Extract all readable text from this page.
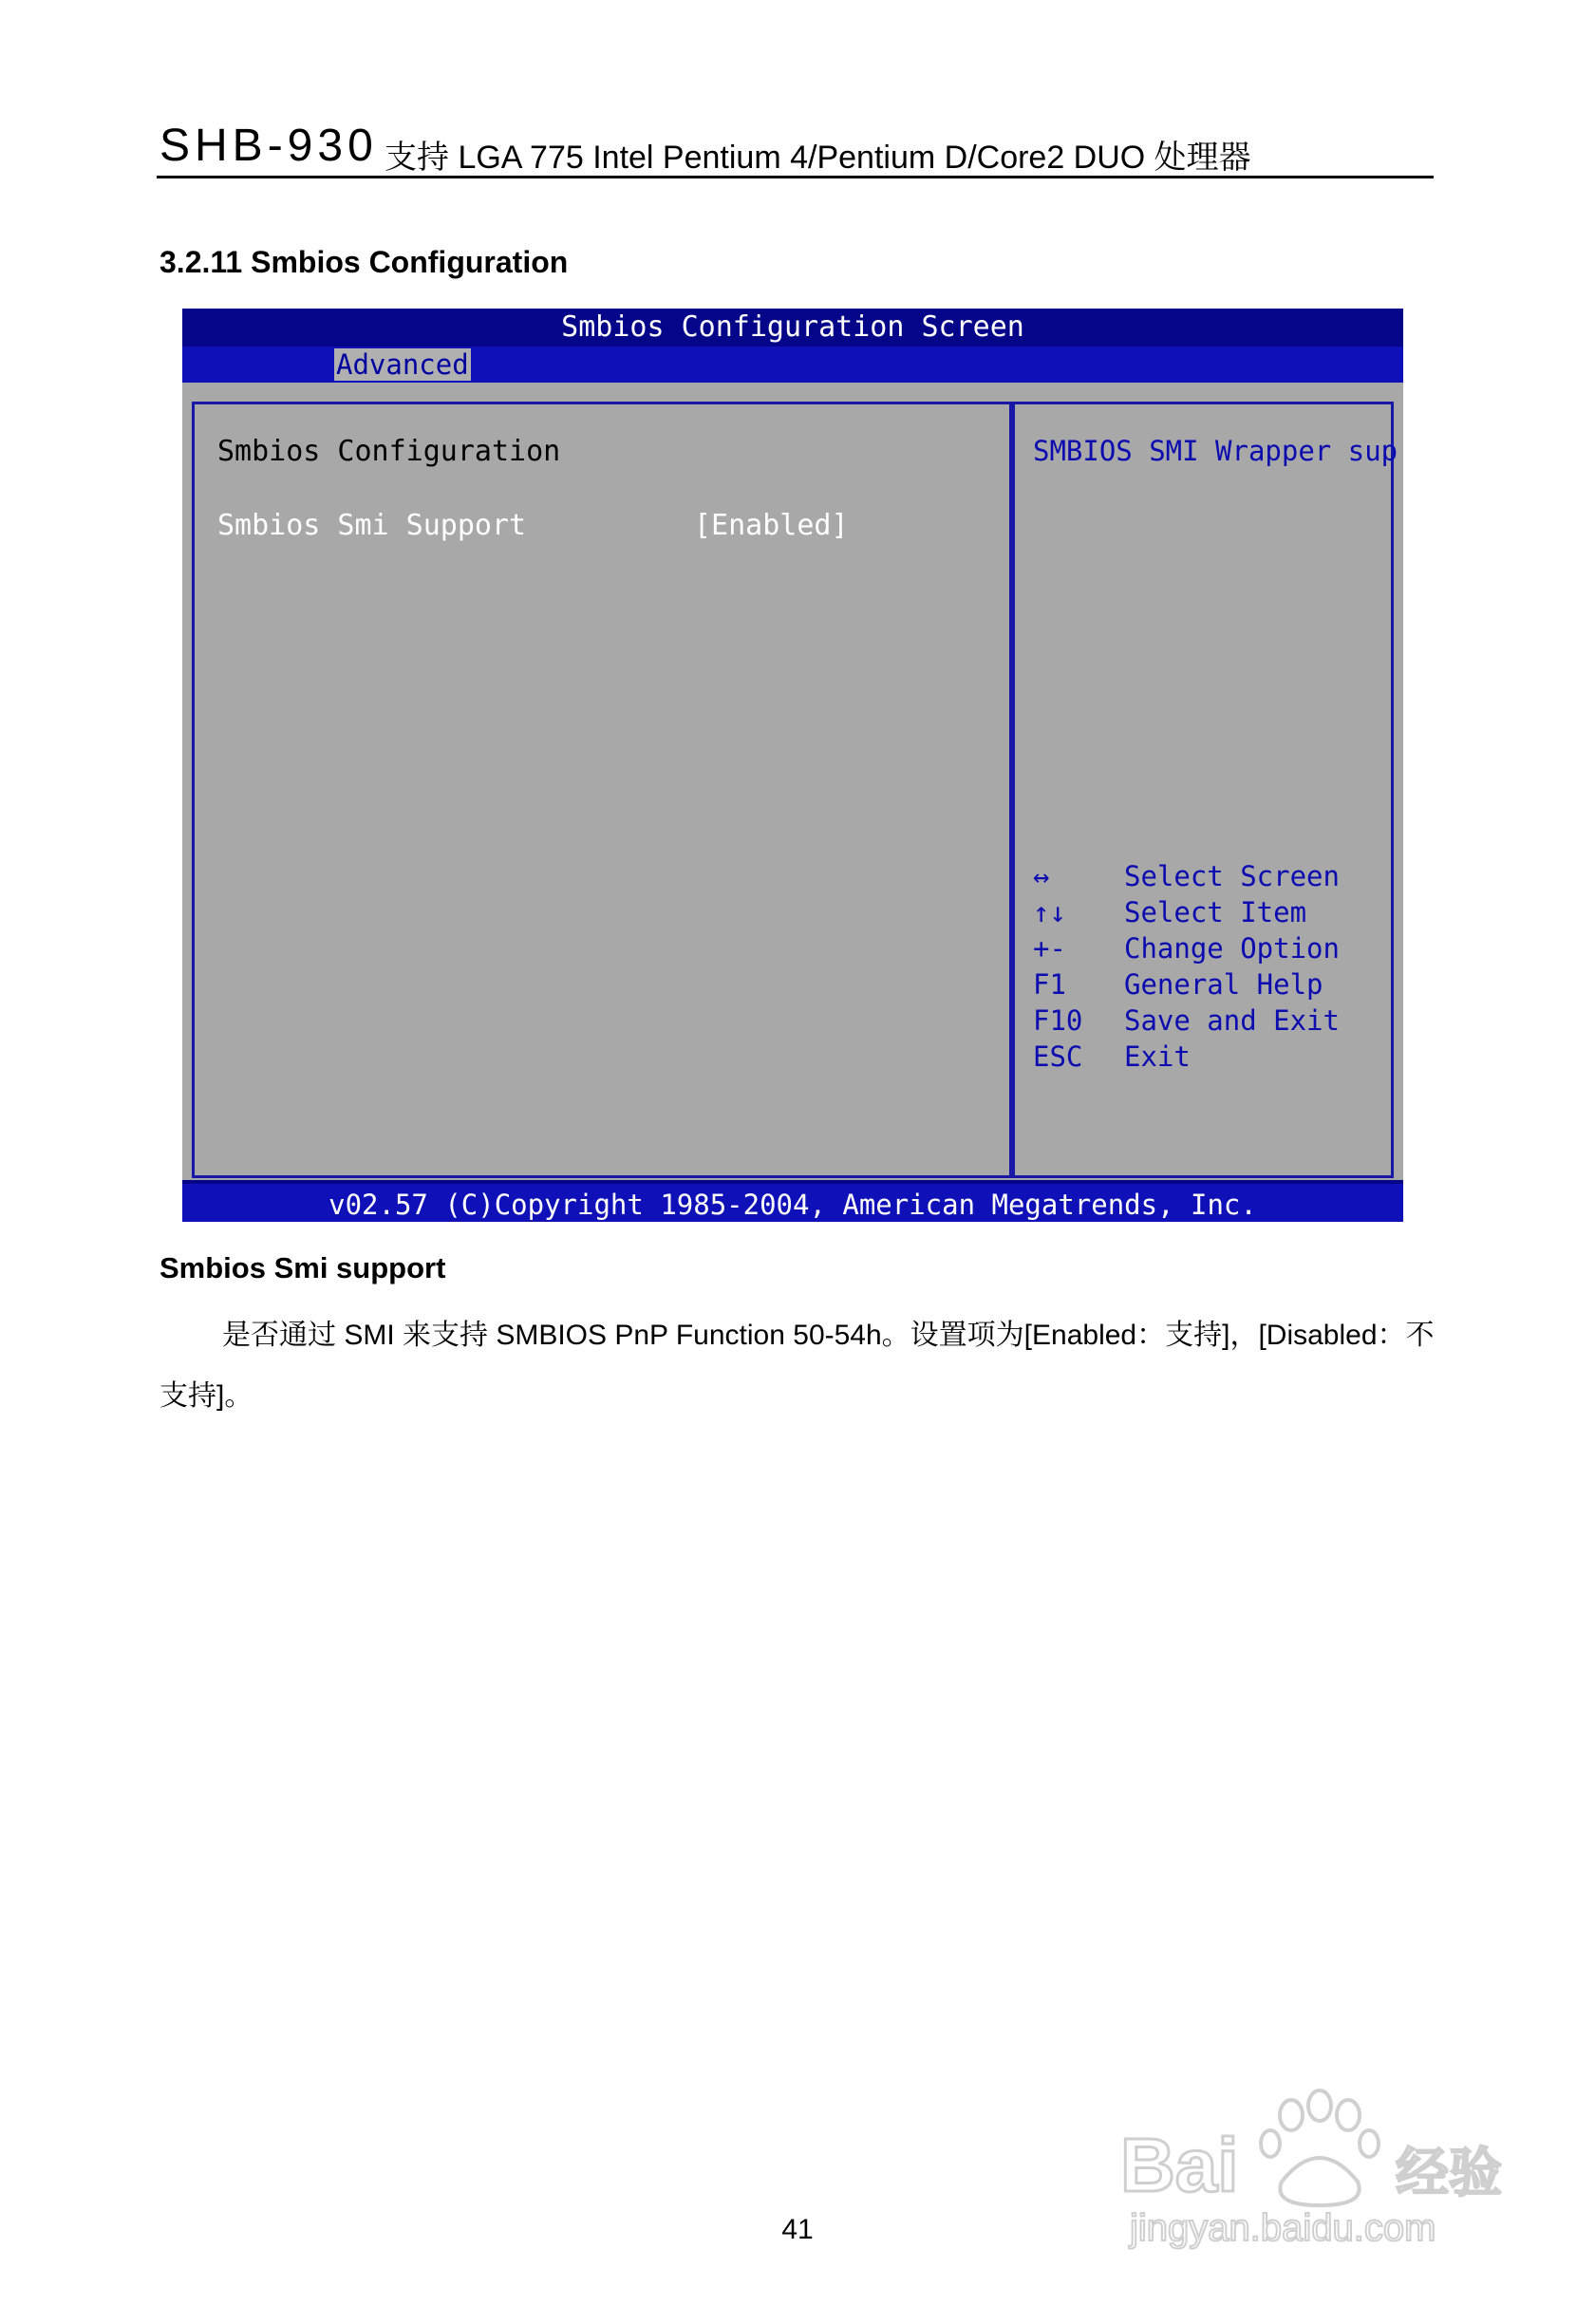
SHB-930 支持 LGA 775 Intel Pentium 4/Pentium D/Core2 DUO 处理器
3.2.11 Smbios Configuration
Smbios Configuration Screen
Advanced
Smbios Configuration
Smbios Smi Support	[Enabled]
SMBIOS SMI Wrapper sup
↔	Select Screen
↑↓ Select Item
+- Change Option
F1 General Help
F10 Save and Exit
ESC Exit
v02.57 (C)Copyright 1985-2004, American Megatrends, Inc.
Smbios Smi support
是否通过 SMI 来支持 SMBIOS PnP Function 50-54h。设置项为[Enabled：支持]，[Disabled：不支持]。
41
Bai	经验
jingyan.baidu.com
